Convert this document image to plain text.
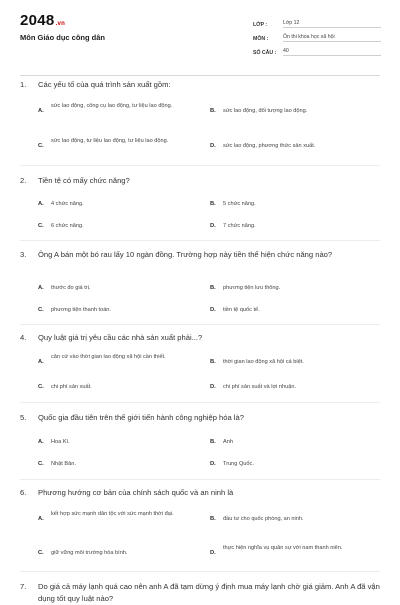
2048.vn
Môn Giáo dục công dân
LỚP :	Lớp 12
MÔN :	Ôn thi khoa học xã hội
SỐ CÂU :	40
1. Các yếu tố của quá trình sản xuất gồm:
A.
sức lao động, công cụ lao động, tư liệu lao động.
B. sức lao động, đối tượng lao động.
C.
sức lao động, tư liệu lao động, tư liệu lao động.
D. sức lao động, phương thức sản xuất.
2. Tiền tệ có mấy chức năng?
A. 4 chức năng.	B. 5 chức năng.
C. 6 chức năng.	D. 7 chức năng.
3. Ông A bán một bó rau lấy 10 ngàn đồng. Trường hợp này tiền thể hiện chức năng nào?
A. thước đo giá trị.	B. phương tiện lưu thông.
C. phương tiện thanh toán.	D. tiền tệ quốc tế.
4. Quy luật giá trị yêu cầu các nhà sản xuất phải...?
A.
căn cứ vào thời gian lao động xã hội cần thiết.
B. thời gian lao động xã hội cá biệt.
C. chi phí sản xuất.	D. chi phí sản xuất và lợi nhuận.
5. Quốc gia đầu tiên trên thế giới tiến hành công nghiệp hóa là?
A. Hoa Kì.	B. Anh
C. Nhật Bản.	D. Trung Quốc.
6. Phương hướng cơ bản của chính sách quốc và an ninh là
A.
kết hợp sức mạnh dân tộc với sức mạnh thời đại.
B. đầu tư cho quốc phòng, an ninh.
C. giữ vững môi trường hòa bình.	D.
thực hiện nghĩa vụ quân sự với nam thanh niên.
7. Do giá cả máy lạnh quá cao nên anh A đã tạm dừng ý định mua máy lạnh chờ giá giảm. Anh A đã vận dụng tốt quy luật nào?
